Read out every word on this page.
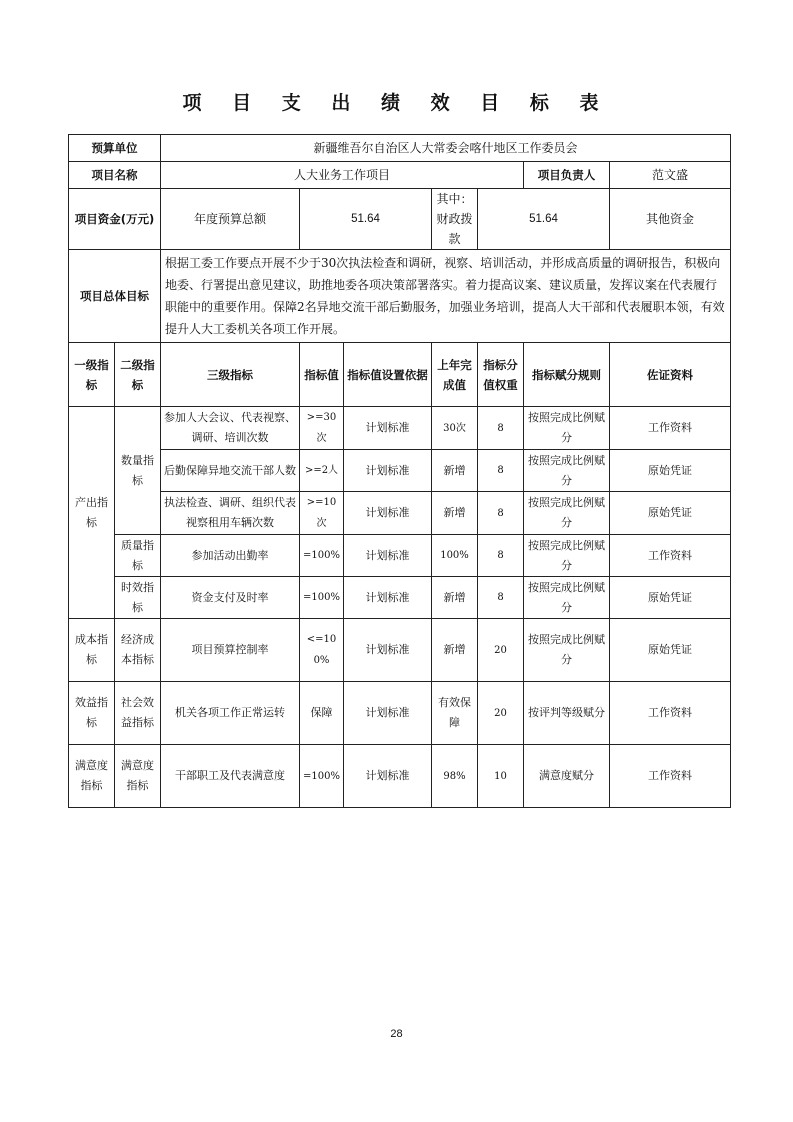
项 目 支 出 绩 效 目 标 表
预算单位		新疆维吾尔自治区人大常委会喀什地区工作委员会							
项目名称		人大业务工作项目					项目负责人	范文盛	
项目资金(万元)		年度预算总额	51.64		其中：财政拨款	51.64		其他资金	
项目总体目标		根据工委工作要点开展不少于30次执法检查和调研，视察、培训活动，并形成高质量的调研报告，积极向地委、行署提出意见建议，助推地委各项决策部署落实。着力提高议案、建议质量，发挥议案在代表履行职能中的重要作用。保障2名异地交流干部后勤服务，加强业务培训，提高人大干部和代表履职本领，有效提升人大工委机关各项工作开展。							
一级指标	二级指标	三级指标	指标值	指标值设置依据	上年完成值	指标分值权重	指标赋分规则	佐证资料	
产出指标	数量指标	参加人大会议、代表视察、调研、培训次数	>=30次	计划标准	30次	8	按照完成比例赋分	工作资料	
		后勤保障异地交流干部人数	>=2人	计划标准	新增	8	按照完成比例赋分	原始凭证	
		执法检查、调研、组织代表视察租用车辆次数	>=10次	计划标准	新增	8	按照完成比例赋分	原始凭证	
	质量指标	参加活动出勤率	=100%	计划标准	100%	8	按照完成比例赋分	工作资料	
	时效指标	资金支付及时率	=100%	计划标准	新增	8	按照完成比例赋分	原始凭证	
成本指标	经济成本指标	项目预算控制率	<=100%	计划标准	新增	20	按照完成比例赋分	原始凭证	
效益指标	社会效益指标	机关各项工作正常运转	保障	计划标准	有效保障	20	按评判等级赋分	工作资料	
满意度指标	满意度指标	干部职工及代表满意度	=100%	计划标准	98%	10	满意度赋分	工作资料	
28
